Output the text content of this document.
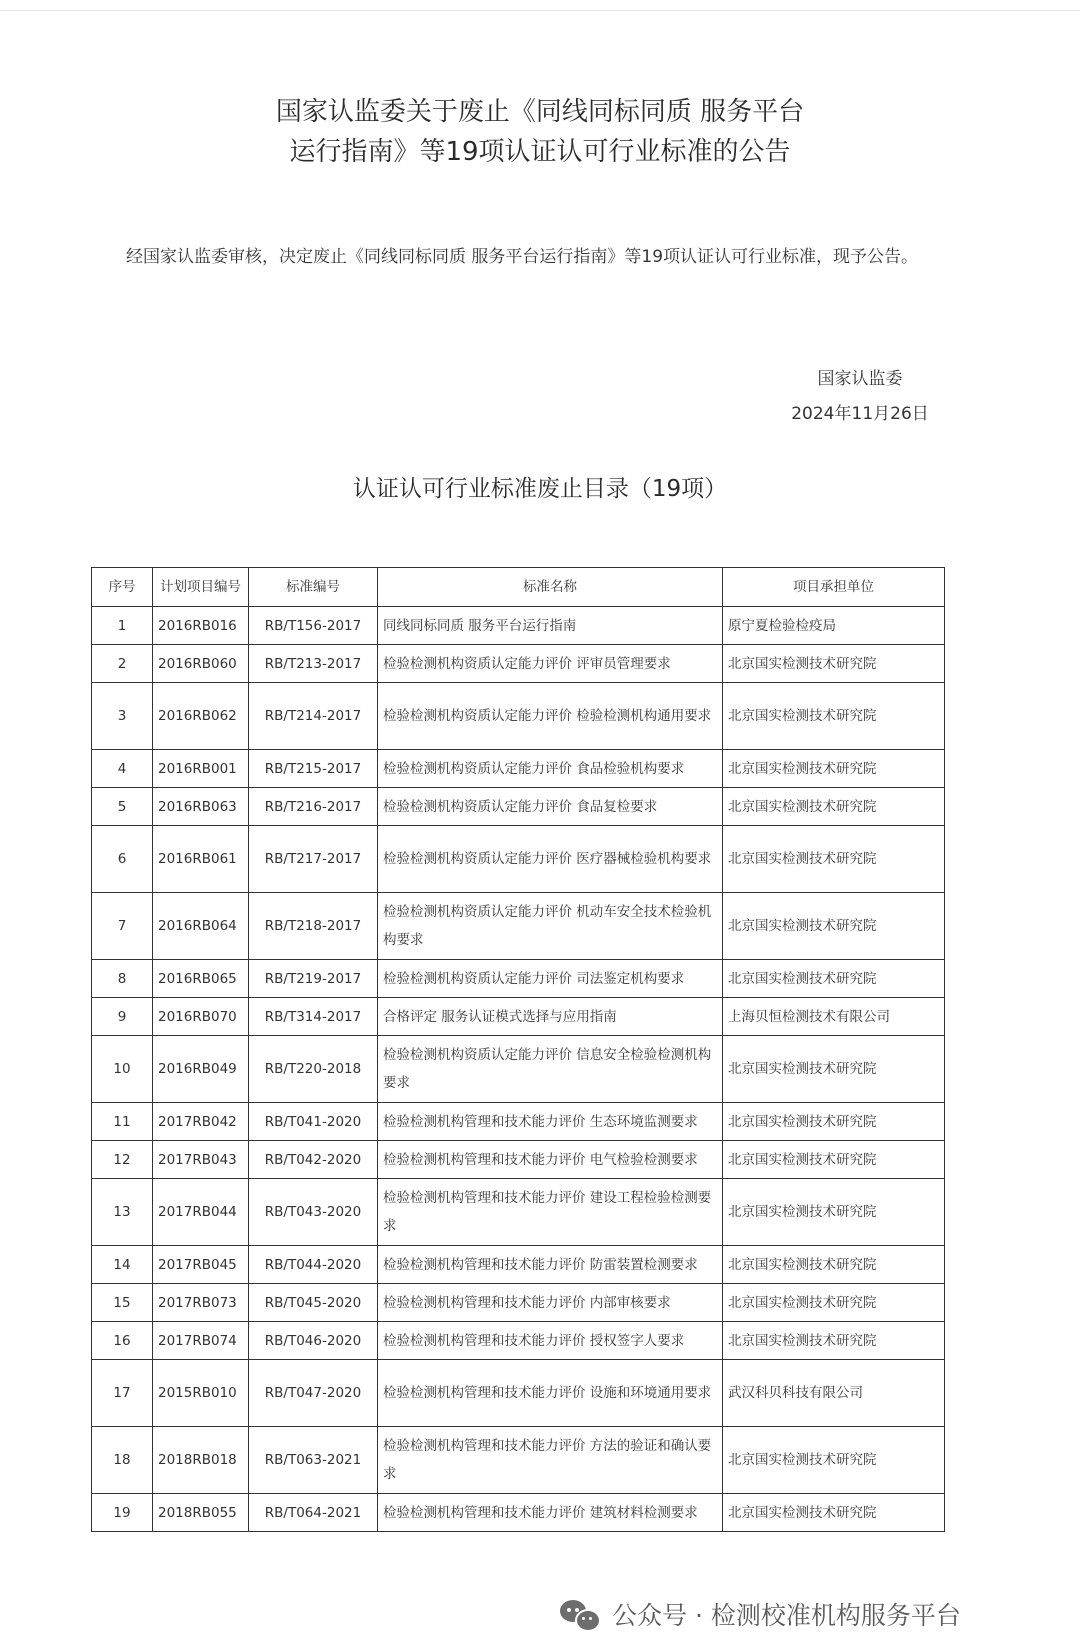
国家认监委关于废止《同线同标同质 服务平台
运行指南》等19项认证认可行业标准的公告
经国家认监委审核，决定废止《同线同标同质 服务平台运行指南》等19项认证认可行业标准，现予公告。
国家认监委
2024年11月26日
认证认可行业标准废止目录（19项）
序号	计划项目编号	标准编号	标准名称	项目承担单位
1	2016RB016	RB/T156-2017	同线同标同质 服务平台运行指南	原宁夏检验检疫局
2	2016RB060	RB/T213-2017	检验检测机构资质认定能力评价 评审员管理要求	北京国实检测技术研究院
3	2016RB062	RB/T214-2017	检验检测机构资质认定能力评价 检验检测机构通用要求	北京国实检测技术研究院
4	2016RB001	RB/T215-2017	检验检测机构资质认定能力评价 食品检验机构要求	北京国实检测技术研究院
5	2016RB063	RB/T216-2017	检验检测机构资质认定能力评价 食品复检要求	北京国实检测技术研究院
6	2016RB061	RB/T217-2017	检验检测机构资质认定能力评价 医疗器械检验机构要求	北京国实检测技术研究院
7	2016RB064	RB/T218-2017	检验检测机构资质认定能力评价 机动车安全技术检验机构要求	北京国实检测技术研究院
8	2016RB065	RB/T219-2017	检验检测机构资质认定能力评价 司法鉴定机构要求	北京国实检测技术研究院
9	2016RB070	RB/T314-2017	合格评定 服务认证模式选择与应用指南	上海贝恒检测技术有限公司
10	2016RB049	RB/T220-2018	检验检测机构资质认定能力评价 信息安全检验检测机构要求	北京国实检测技术研究院
11	2017RB042	RB/T041-2020	检验检测机构管理和技术能力评价 生态环境监测要求	北京国实检测技术研究院
12	2017RB043	RB/T042-2020	检验检测机构管理和技术能力评价 电气检验检测要求	北京国实检测技术研究院
13	2017RB044	RB/T043-2020	检验检测机构管理和技术能力评价 建设工程检验检测要求	北京国实检测技术研究院
14	2017RB045	RB/T044-2020	检验检测机构管理和技术能力评价 防雷装置检测要求	北京国实检测技术研究院
15	2017RB073	RB/T045-2020	检验检测机构管理和技术能力评价 内部审核要求	北京国实检测技术研究院
16	2017RB074	RB/T046-2020	检验检测机构管理和技术能力评价 授权签字人要求	北京国实检测技术研究院
17	2015RB010	RB/T047-2020	检验检测机构管理和技术能力评价 设施和环境通用要求	武汉科贝科技有限公司
18	2018RB018	RB/T063-2021	检验检测机构管理和技术能力评价 方法的验证和确认要求	北京国实检测技术研究院
19	2018RB055	RB/T064-2021	检验检测机构管理和技术能力评价 建筑材料检测要求	北京国实检测技术研究院
公众号 · 检测校准机构服务平台
